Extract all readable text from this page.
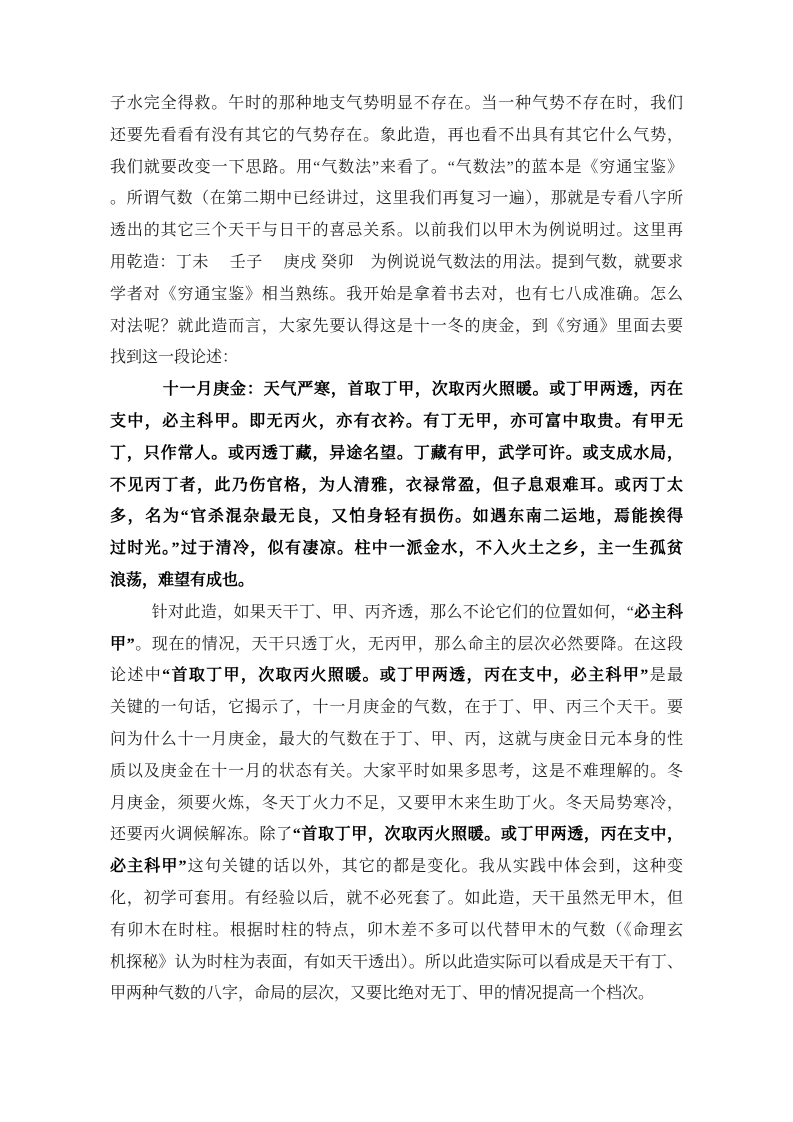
子水完全得救。午时的那种地支气势明显不存在。当一种气势不存在时，我们
还要先看看有没有其它的气势存在。象此造，再也看不出具有其它什么气势，
我们就要改变一下思路。用“气数法”来看了。“气数法”的蓝本是《穷通宝鉴》
。所谓气数（在第二期中已经讲过，这里我们再复习一遍），那就是专看八字所
透出的其它三个天干与日干的喜忌关系。以前我们以甲木为例说明过。这里再
用乾造：丁未　 壬子　 庚戌 癸卯　为例说说气数法的用法。提到气数，就要求
学者对《穷通宝鉴》相当熟练。我开始是拿着书去对，也有七八成准确。怎么
对法呢？就此造而言，大家先要认得这是十一冬的庚金，到《穷通》里面去要
找到这一段论述：
十一月庚金：天气严寒，首取丁甲，次取丙火照暖。或丁甲两透，丙在
支中，必主科甲。即无丙火，亦有衣衿。有丁无甲，亦可富中取贵。有甲无
丁，只作常人。或丙透丁藏，异途名望。丁藏有甲，武学可许。或支成水局，
不见丙丁者，此乃伤官格，为人清雅，衣禄常盈，但子息艰难耳。或丙丁太
多，名为“官杀混杂最无良，又怕身轻有损伤。如遇东南二运地，焉能挨得
过时光。”过于清冷，似有凄凉。柱中一派金水，不入火土之乡，主一生孤贫
浪荡，难望有成也。
针对此造，如果天干丁、甲、丙齐透，那么不论它们的位置如何，“必主科
甲”。现在的情况，天干只透丁火，无丙甲，那么命主的层次必然要降。在这段
论述中“首取丁甲，次取丙火照暖。或丁甲两透，丙在支中，必主科甲”是最
关键的一句话，它揭示了，十一月庚金的气数，在于丁、甲、丙三个天干。要
问为什么十一月庚金，最大的气数在于丁、甲、丙，这就与庚金日元本身的性
质以及庚金在十一月的状态有关。大家平时如果多思考，这是不难理解的。冬
月庚金，须要火炼，冬天丁火力不足，又要甲木来生助丁火。冬天局势寒冷，
还要丙火调候解冻。除了“首取丁甲，次取丙火照暖。或丁甲两透，丙在支中，
必主科甲”这句关键的话以外，其它的都是变化。我从实践中体会到，这种变
化，初学可套用。有经验以后，就不必死套了。如此造，天干虽然无甲木，但
有卯木在时柱。根据时柱的特点，卯木差不多可以代替甲木的气数（《命理玄
机探秘》认为时柱为表面，有如天干透出）。所以此造实际可以看成是天干有丁、
甲两种气数的八字，命局的层次，又要比绝对无丁、甲的情况提高一个档次。
